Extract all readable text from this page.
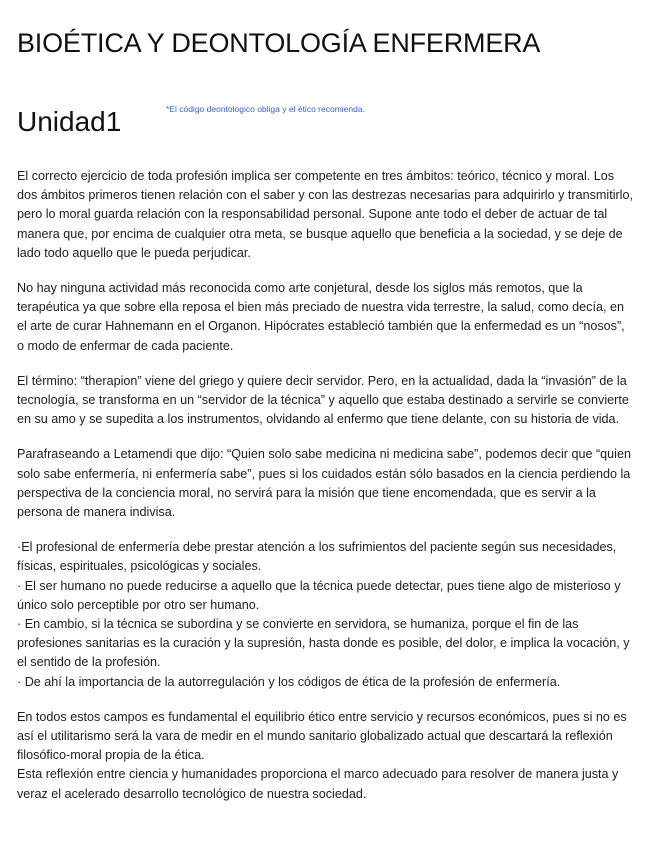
BIOÉTICA Y DEONTOLOGÍA ENFERMERA
Unidad1	*El código deontologico obliga y el ético recomienda.

El correcto ejercicio de toda profesión implica ser competente en tres ámbitos: teórico, técnico y moral. Los dos ámbitos primeros tienen relación con el saber y con las destrezas necesarias para adquirirlo y transmitirlo, pero lo moral guarda relación con la responsabilidad personal. Supone ante todo el deber de actuar de tal manera que, por encima de cualquier otra meta, se busque aquello que beneficia a la sociedad, y se deje de lado todo aquello que le pueda perjudicar.

No hay ninguna actividad más reconocida como arte conjetural, desde los siglos más remotos, que la terapéutica ya que sobre ella reposa el bien más preciado de nuestra vida terrestre, la salud, como decía, en el arte de curar Hahnemann en el Organon. Hipócrates estableció también que la enfermedad es un “nosos”, o modo de enfermar de cada paciente.

El término: “therapion” viene del griego y quiere decir servidor. Pero, en la actualidad, dada la “invasión” de la tecnología, se transforma en un “servidor de la técnica” y aquello que estaba destinado a servirle se convierte en su amo y se supedita a los instrumentos, olvidando al enfermo que tiene delante, con su historia de vida.

Parafraseando a Letamendi que dijo: “Quien solo sabe medicina ni medicina sabe”, podemos decir que “quien solo sabe enfermería, ni enfermería sabe”, pues si los cuidados están sólo basados en la ciencia perdiendo la perspectiva de la conciencia moral, no servirá para la misión que tiene encomendada, que es servir a la persona de manera indivisa.

·El profesional de enfermería debe prestar atención a los sufrimientos del paciente según sus necesidades, físicas, espirituales, psicológicas y sociales.

· El ser humano no puede reducirse a aquello que la técnica puede detectar, pues tiene algo de misterioso y único solo perceptible por otro ser humano.

· En cambio, si la técnica se subordina y se convierte en servidora, se humaniza, porque el fin de las profesiones sanitarias es la curación y la supresión, hasta donde es posible, del dolor, e implica la vocación, y el sentido de la profesión.

· De ahí la importancia de la autorregulación y los códigos de ética de la profesión de enfermería.

En todos estos campos es fundamental el equilibrio ético entre servicio y recursos económicos, pues si no es así el utilitarismo será la vara de medir en el mundo sanitario globalizado actual que descartará la reflexión filosófico-moral propia de la ética.

Esta reflexión entre ciencia y humanidades proporciona el marco adecuado para resolver de manera justa y veraz el acelerado desarrollo tecnológico de nuestra sociedad.
